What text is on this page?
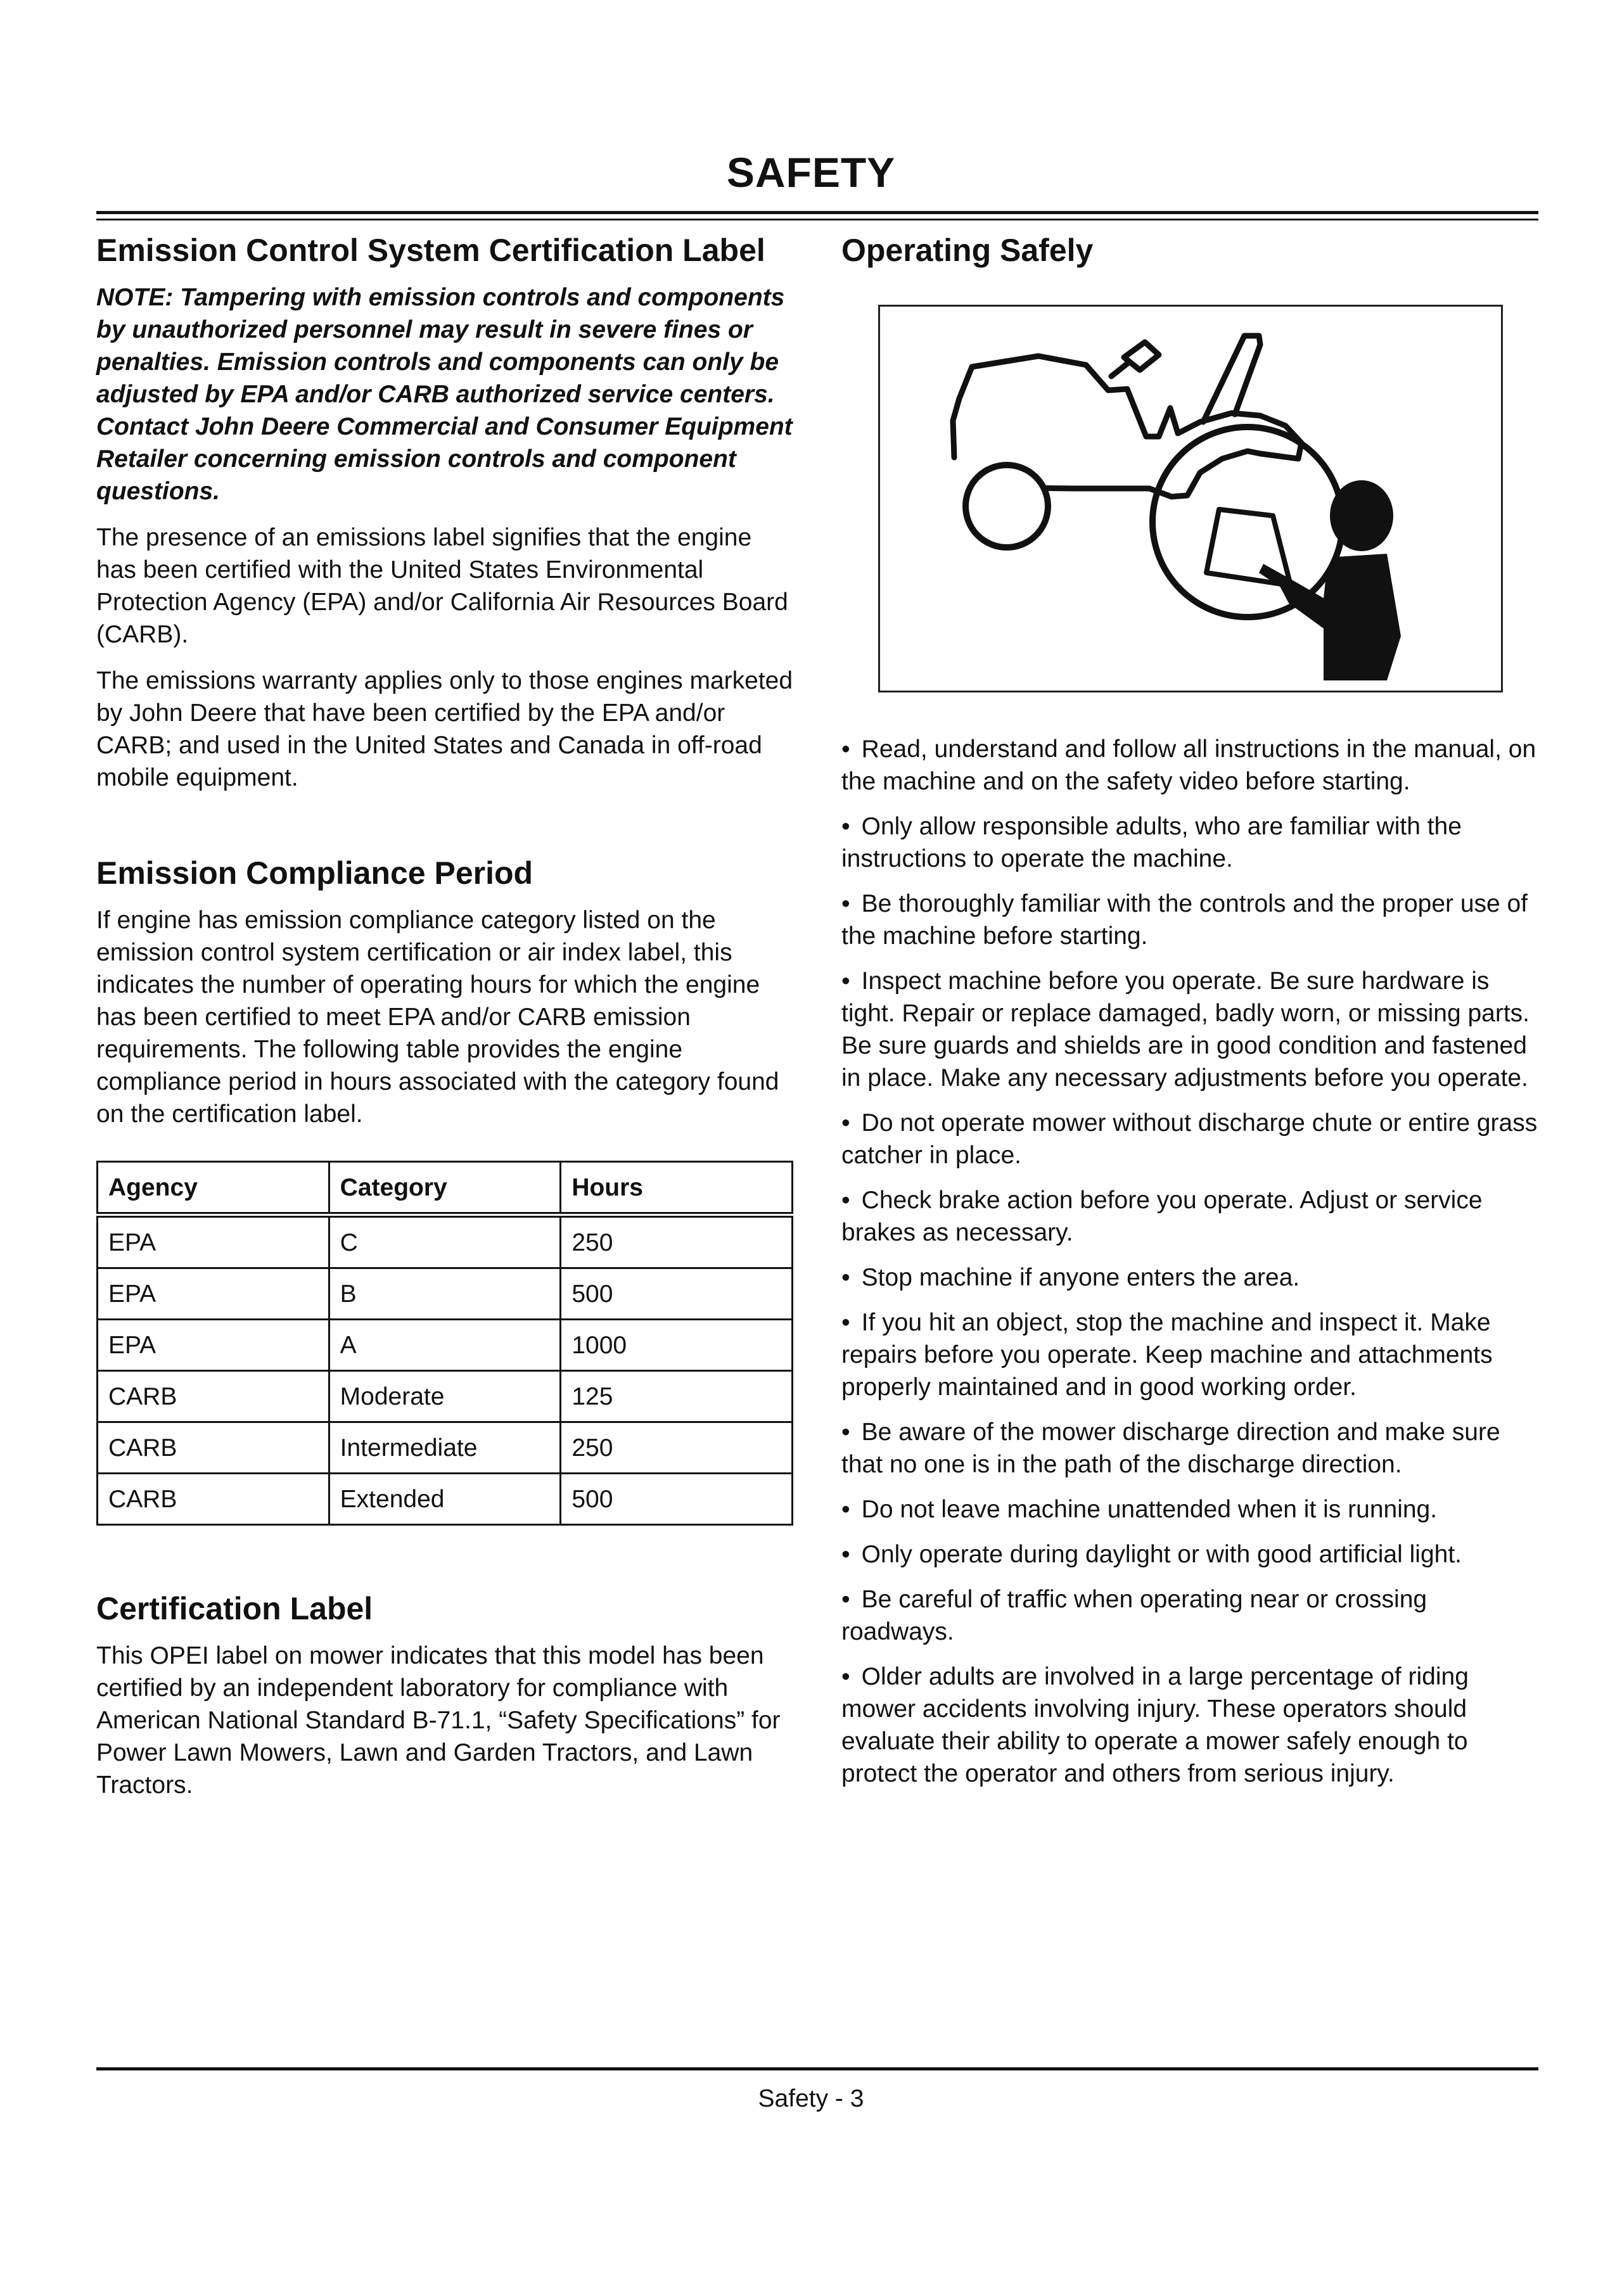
SAFETY
Emission Control System Certification Label

NOTE: Tampering with emission controls and components by unauthorized personnel may result in severe fines or penalties. Emission controls and components can only be adjusted by EPA and/or CARB authorized service centers. Contact John Deere Commercial and Consumer Equipment Retailer concerning emission controls and component questions.

The presence of an emissions label signifies that the engine has been certified with the United States Environmental Protection Agency (EPA) and/or California Air Resources Board (CARB).

The emissions warranty applies only to those engines marketed by John Deere that have been certified by the EPA and/or CARB; and used in the United States and Canada in off-road mobile equipment.

Emission Compliance Period

If engine has emission compliance category listed on the emission control system certification or air index label, this indicates the number of operating hours for which the engine has been certified to meet EPA and/or CARB emission requirements. The following table provides the engine compliance period in hours associated with the category found on the certification label.

Agency	Category	Hours
EPA	C	250
EPA	B	500
EPA	A	1000
CARB	Moderate	125
CARB	Intermediate	250
CARB	Extended	500
Certification Label

This OPEI label on mower indicates that this model has been certified by an independent laboratory for compliance with American National Standard B-71.1, “Safety Specifications” for Power Lawn Mowers, Lawn and Garden Tractors, and Lawn Tractors.

Operating Safely
• Read, understand and follow all instructions in the manual, on the machine and on the safety video before starting.
• Only allow responsible adults, who are familiar with the instructions to operate the machine.
• Be thoroughly familiar with the controls and the proper use of the machine before starting.
• Inspect machine before you operate. Be sure hardware is tight. Repair or replace damaged, badly worn, or missing parts. Be sure guards and shields are in good condition and fastened in place. Make any necessary adjustments before you operate.
• Do not operate mower without discharge chute or entire grass catcher in place.
• Check brake action before you operate. Adjust or service brakes as necessary.
• Stop machine if anyone enters the area.
• If you hit an object, stop the machine and inspect it. Make repairs before you operate. Keep machine and attachments properly maintained and in good working order.
• Be aware of the mower discharge direction and make sure that no one is in the path of the discharge direction.
• Do not leave machine unattended when it is running.
• Only operate during daylight or with good artificial light.
• Be careful of traffic when operating near or crossing roadways.
• Older adults are involved in a large percentage of riding mower accidents involving injury. These operators should evaluate their ability to operate a mower safely enough to protect the operator and others from serious injury.
Safety - 3
